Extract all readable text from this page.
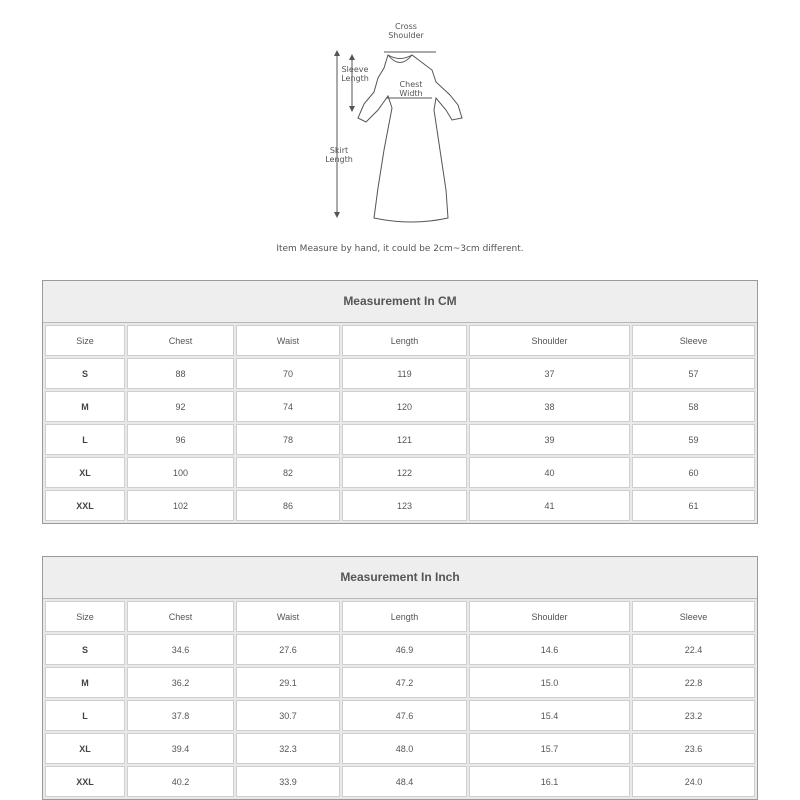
Cross
Shoulder
Sleeve
Length
Chest
Width
Skirt
Length
Item Measure by hand, it could be 2cm~3cm different.
Measurement In CM
Size	Chest	Waist	Length	Shoulder	Sleeve
S	88	70	119	37	57
M	92	74	120	38	58
L	96	78	121	39	59
XL	100	82	122	40	60
XXL	102	86	123	41	61
Measurement In Inch
Size	Chest	Waist	Length	Shoulder	Sleeve
S	34.6	27.6	46.9	14.6	22.4
M	36.2	29.1	47.2	15.0	22.8
L	37.8	30.7	47.6	15.4	23.2
XL	39.4	32.3	48.0	15.7	23.6
XXL	40.2	33.9	48.4	16.1	24.0
